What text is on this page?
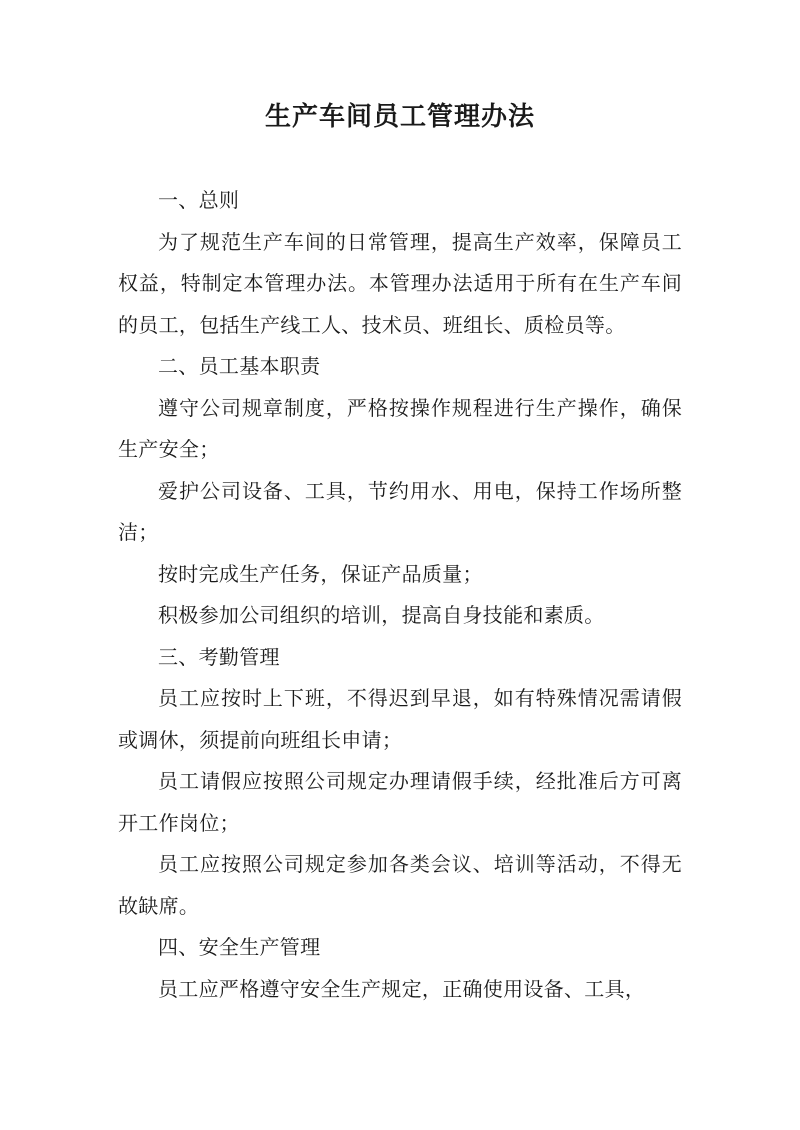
生产车间员工管理办法

一、总则

为了规范生产车间的日常管理，提高生产效率，保障员工权益，特制定本管理办法。本管理办法适用于所有在生产车间的员工，包括生产线工人、技术员、班组长、质检员等。

二、员工基本职责

遵守公司规章制度，严格按操作规程进行生产操作，确保生产安全；

爱护公司设备、工具，节约用水、用电，保持工作场所整洁；

按时完成生产任务，保证产品质量；

积极参加公司组织的培训，提高自身技能和素质。

三、考勤管理

员工应按时上下班，不得迟到早退，如有特殊情况需请假或调休，须提前向班组长申请；

员工请假应按照公司规定办理请假手续，经批准后方可离开工作岗位；

员工应按照公司规定参加各类会议、培训等活动，不得无故缺席。

四、安全生产管理

员工应严格遵守安全生产规定，正确使用设备、工具，
